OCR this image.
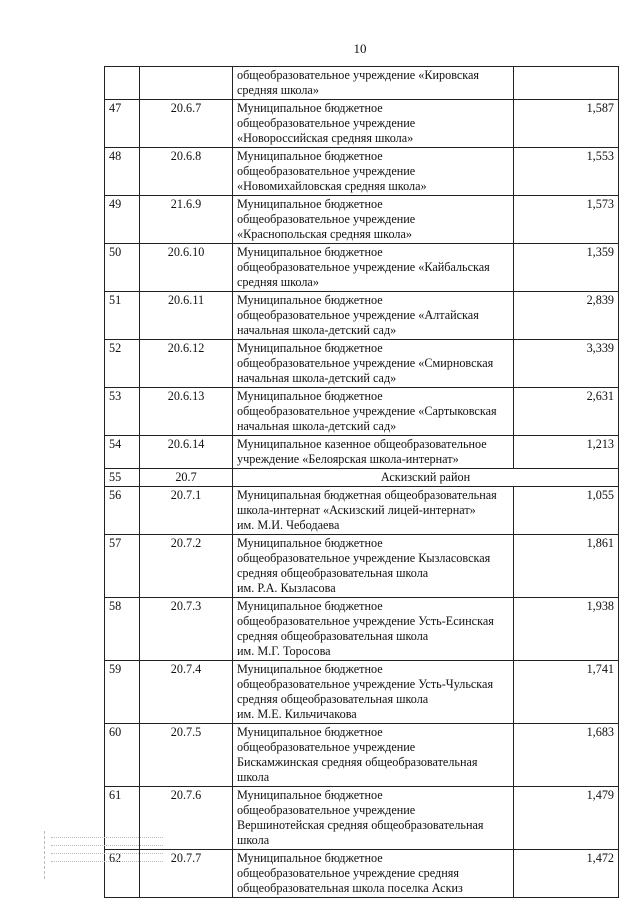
10

		общеобразовательное учреждение «Кировская
средняя школа»	

47	20.6.7	Муниципальное бюджетное
общеобразовательное учреждение
«Новороссийская средняя школа»	1,587
48	20.6.8	Муниципальное бюджетное
общеобразовательное учреждение
«Новомихайловская средняя школа»	1,553
49	21.6.9	Муниципальное бюджетное
общеобразовательное учреждение
«Краснопольская средняя школа»	1,573
50	20.6.10	Муниципальное бюджетное
общеобразовательное учреждение «Кайбальская
средняя школа»	1,359
51	20.6.11	Муниципальное бюджетное
общеобразовательное учреждение «Алтайская
начальная школа-детский сад»	2,839
52	20.6.12	Муниципальное бюджетное
общеобразовательное учреждение «Смирновская
начальная школа-детский сад»	3,339
53	20.6.13	Муниципальное бюджетное
общеобразовательное учреждение «Сартыковская
начальная школа-детский сад»	2,631
54	20.6.14	Муниципальное казенное общеобразовательное
учреждение «Белоярская школа-интернат»	1,213
55	20.7	Аскизский район	
56	20.7.1	Муниципальная бюджетная общеобразовательная
школа-интернат «Аскизский лицей-интернат»
им. М.И. Чебодаева	1,055
57	20.7.2	Муниципальное бюджетное
общеобразовательное учреждение Кызласовская
средняя общеобразовательная школа
им. Р.А. Кызласова	1,861
58	20.7.3	Муниципальное бюджетное
общеобразовательное учреждение Усть-Есинская
средняя общеобразовательная школа
им. М.Г. Торосова	1,938
59	20.7.4	Муниципальное бюджетное
общеобразовательное учреждение Усть-Чульская
средняя общеобразовательная школа
им. М.Е. Кильчичакова	1,741
60	20.7.5	Муниципальное бюджетное
общеобразовательное учреждение
Бискамжинская средняя общеобразовательная
школа	1,683
61	20.7.6	Муниципальное бюджетное
общеобразовательное учреждение
Вершинотейская средняя общеобразовательная
школа	1,479
62	20.7.7	Муниципальное бюджетное
общеобразовательное учреждение средняя
общеобразовательная школа поселка Аскиз	1,472
